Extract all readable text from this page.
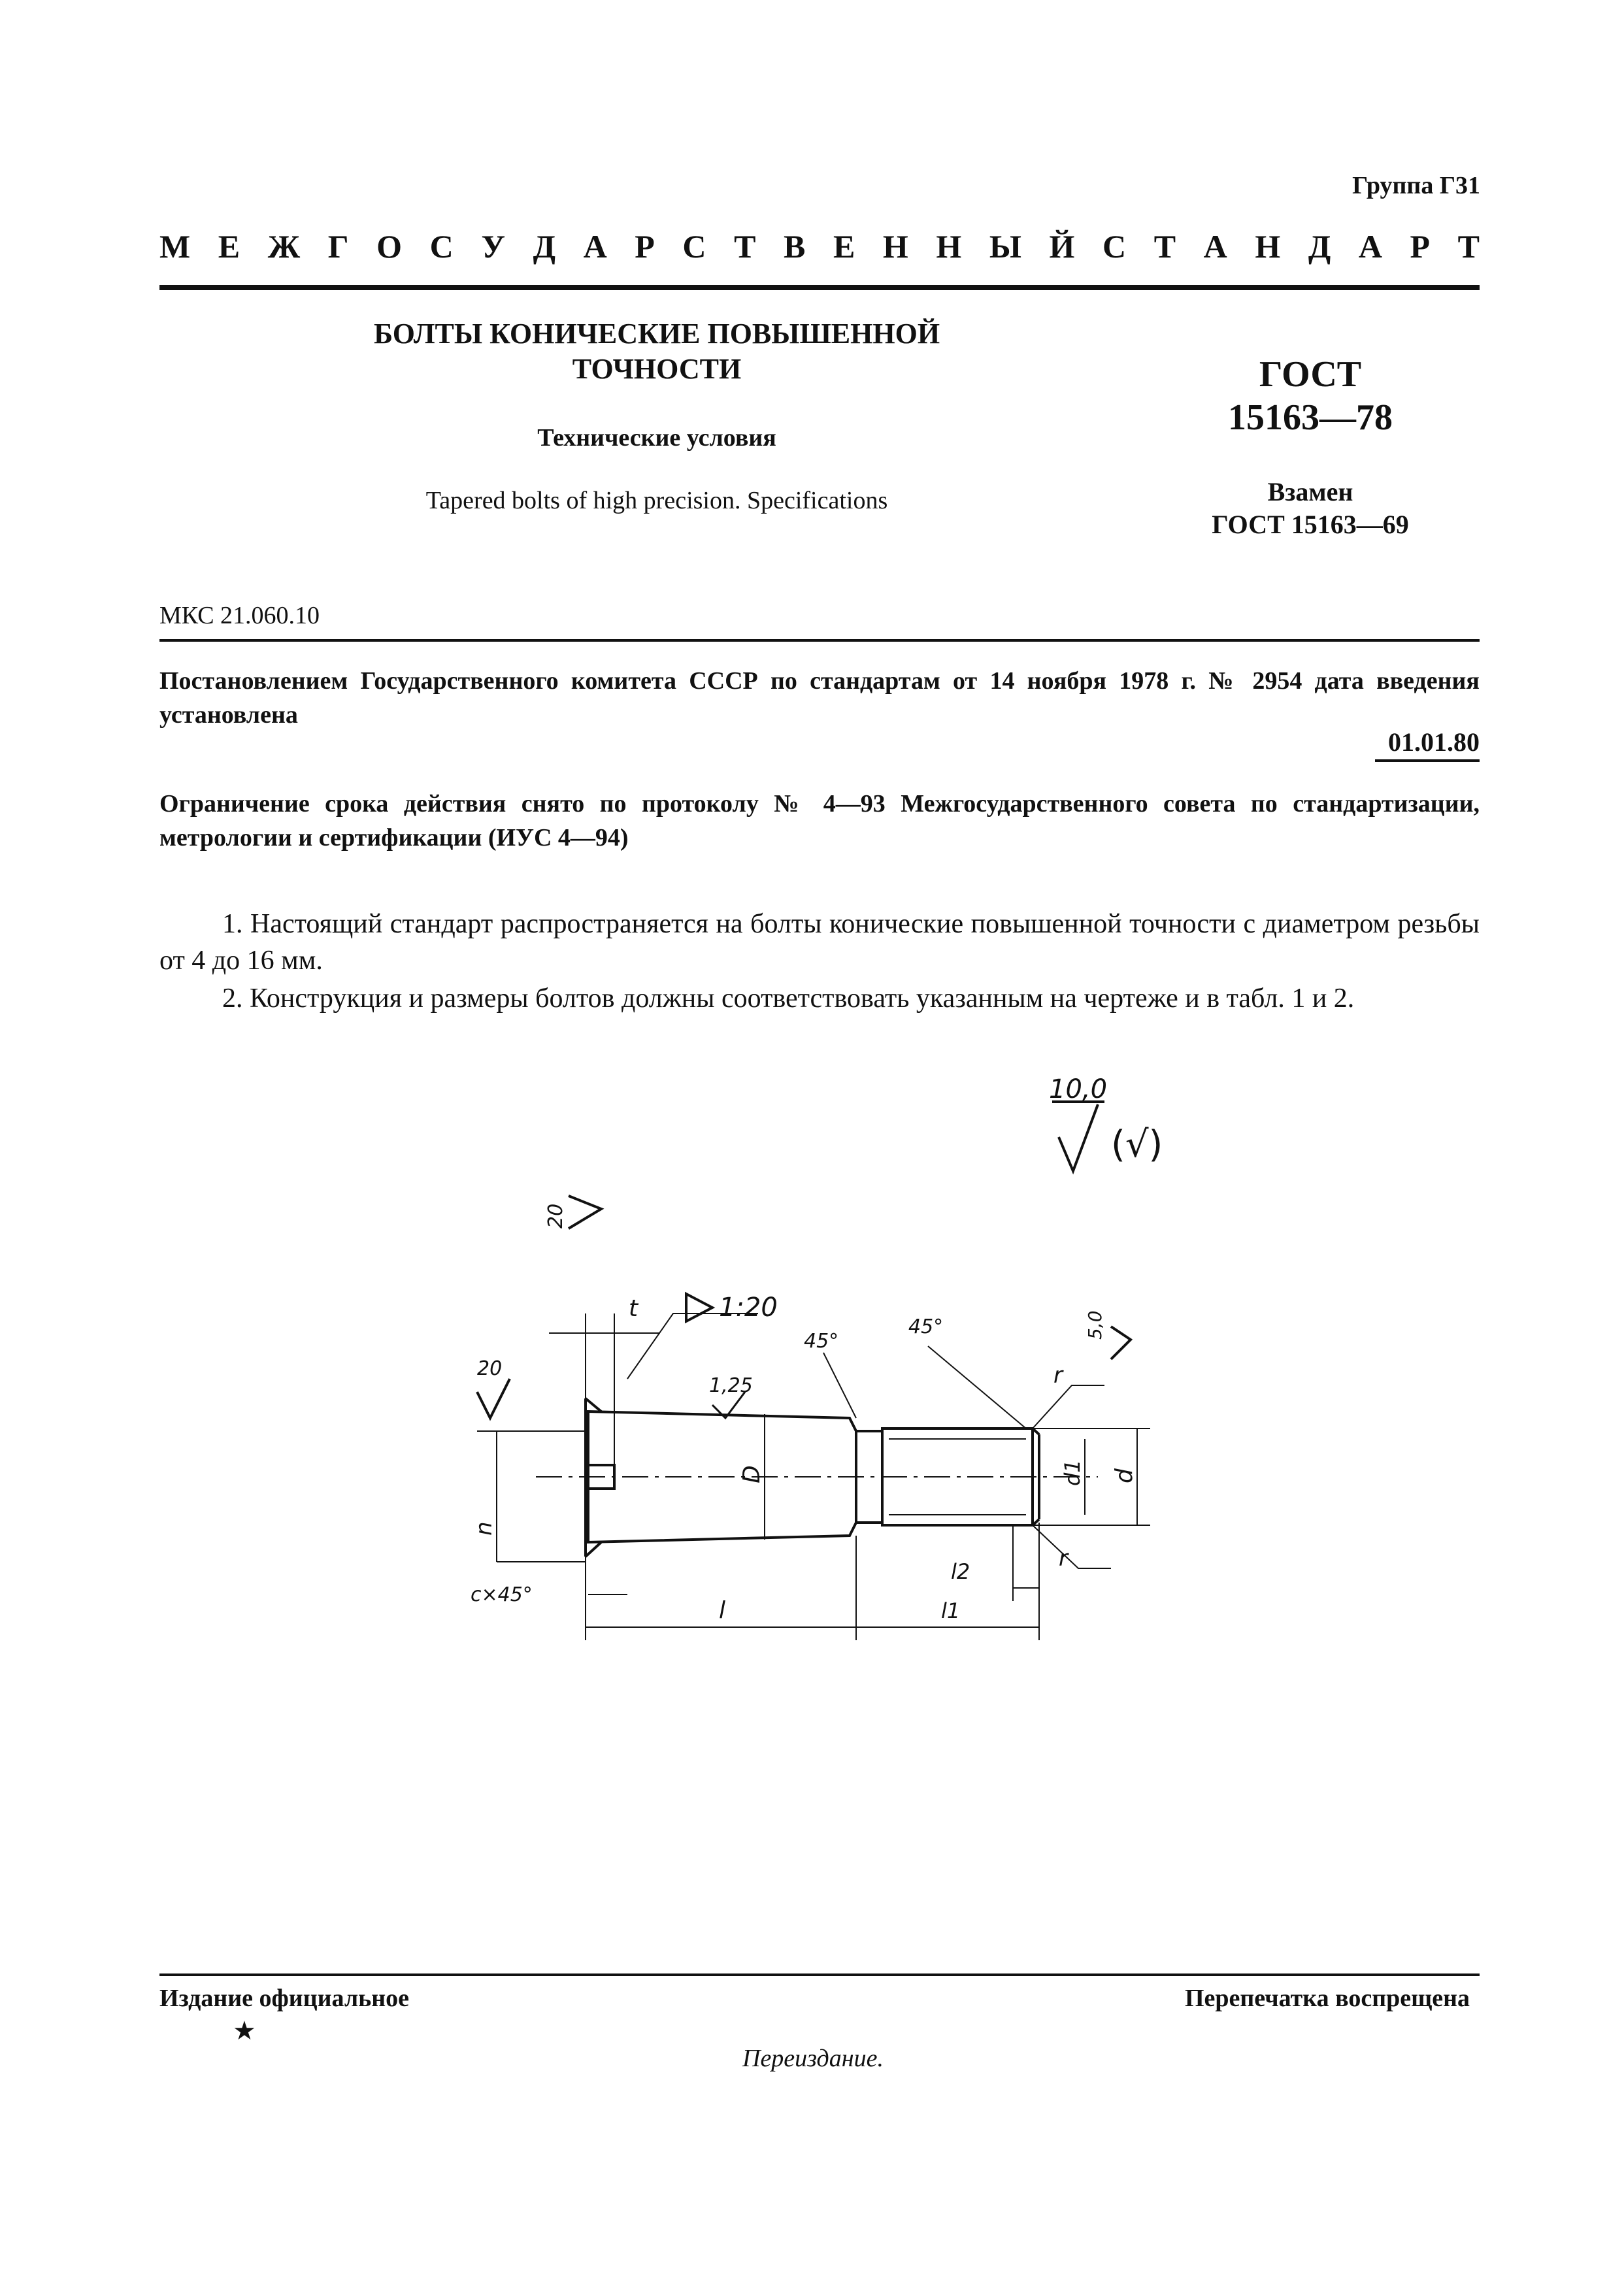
Группа Г31
М Е Ж Г О С У Д А Р С Т В Е Н Н Ы Й С Т А Н Д А Р Т
БОЛТЫ КОНИЧЕСКИЕ ПОВЫШЕННОЙ
ТОЧНОСТИ
Технические условия
Tapered bolts of high precision. Specifications
ГОСТ
15163—78
Взамен
ГОСТ 15163—69
МКС 21.060.10
Постановлением Государственного комитета СССР по стандартам от 14 ноября 1978 г. № 2954 дата введения установлена
01.01.80
Ограничение срока действия снято по протоколу № 4—93 Межгосударственного совета по стандартизации, метрологии и сертификации (ИУС 4—94)
1. Настоящий стандарт распространяется на болты конические повышенной точности с диаметром резьбы от 4 до 16 мм.
2. Конструкция и размеры болтов должны соответствовать указанным на чертеже и в табл. 1 и 2.
10,0
(√)
20
20
1:20
t
1,25
45°
45°
r
r
5,0
D	d1 d
n
c×45°
l	l1
l2
Издание официальное
★
Перепечатка воспрещена
Переиздание.
